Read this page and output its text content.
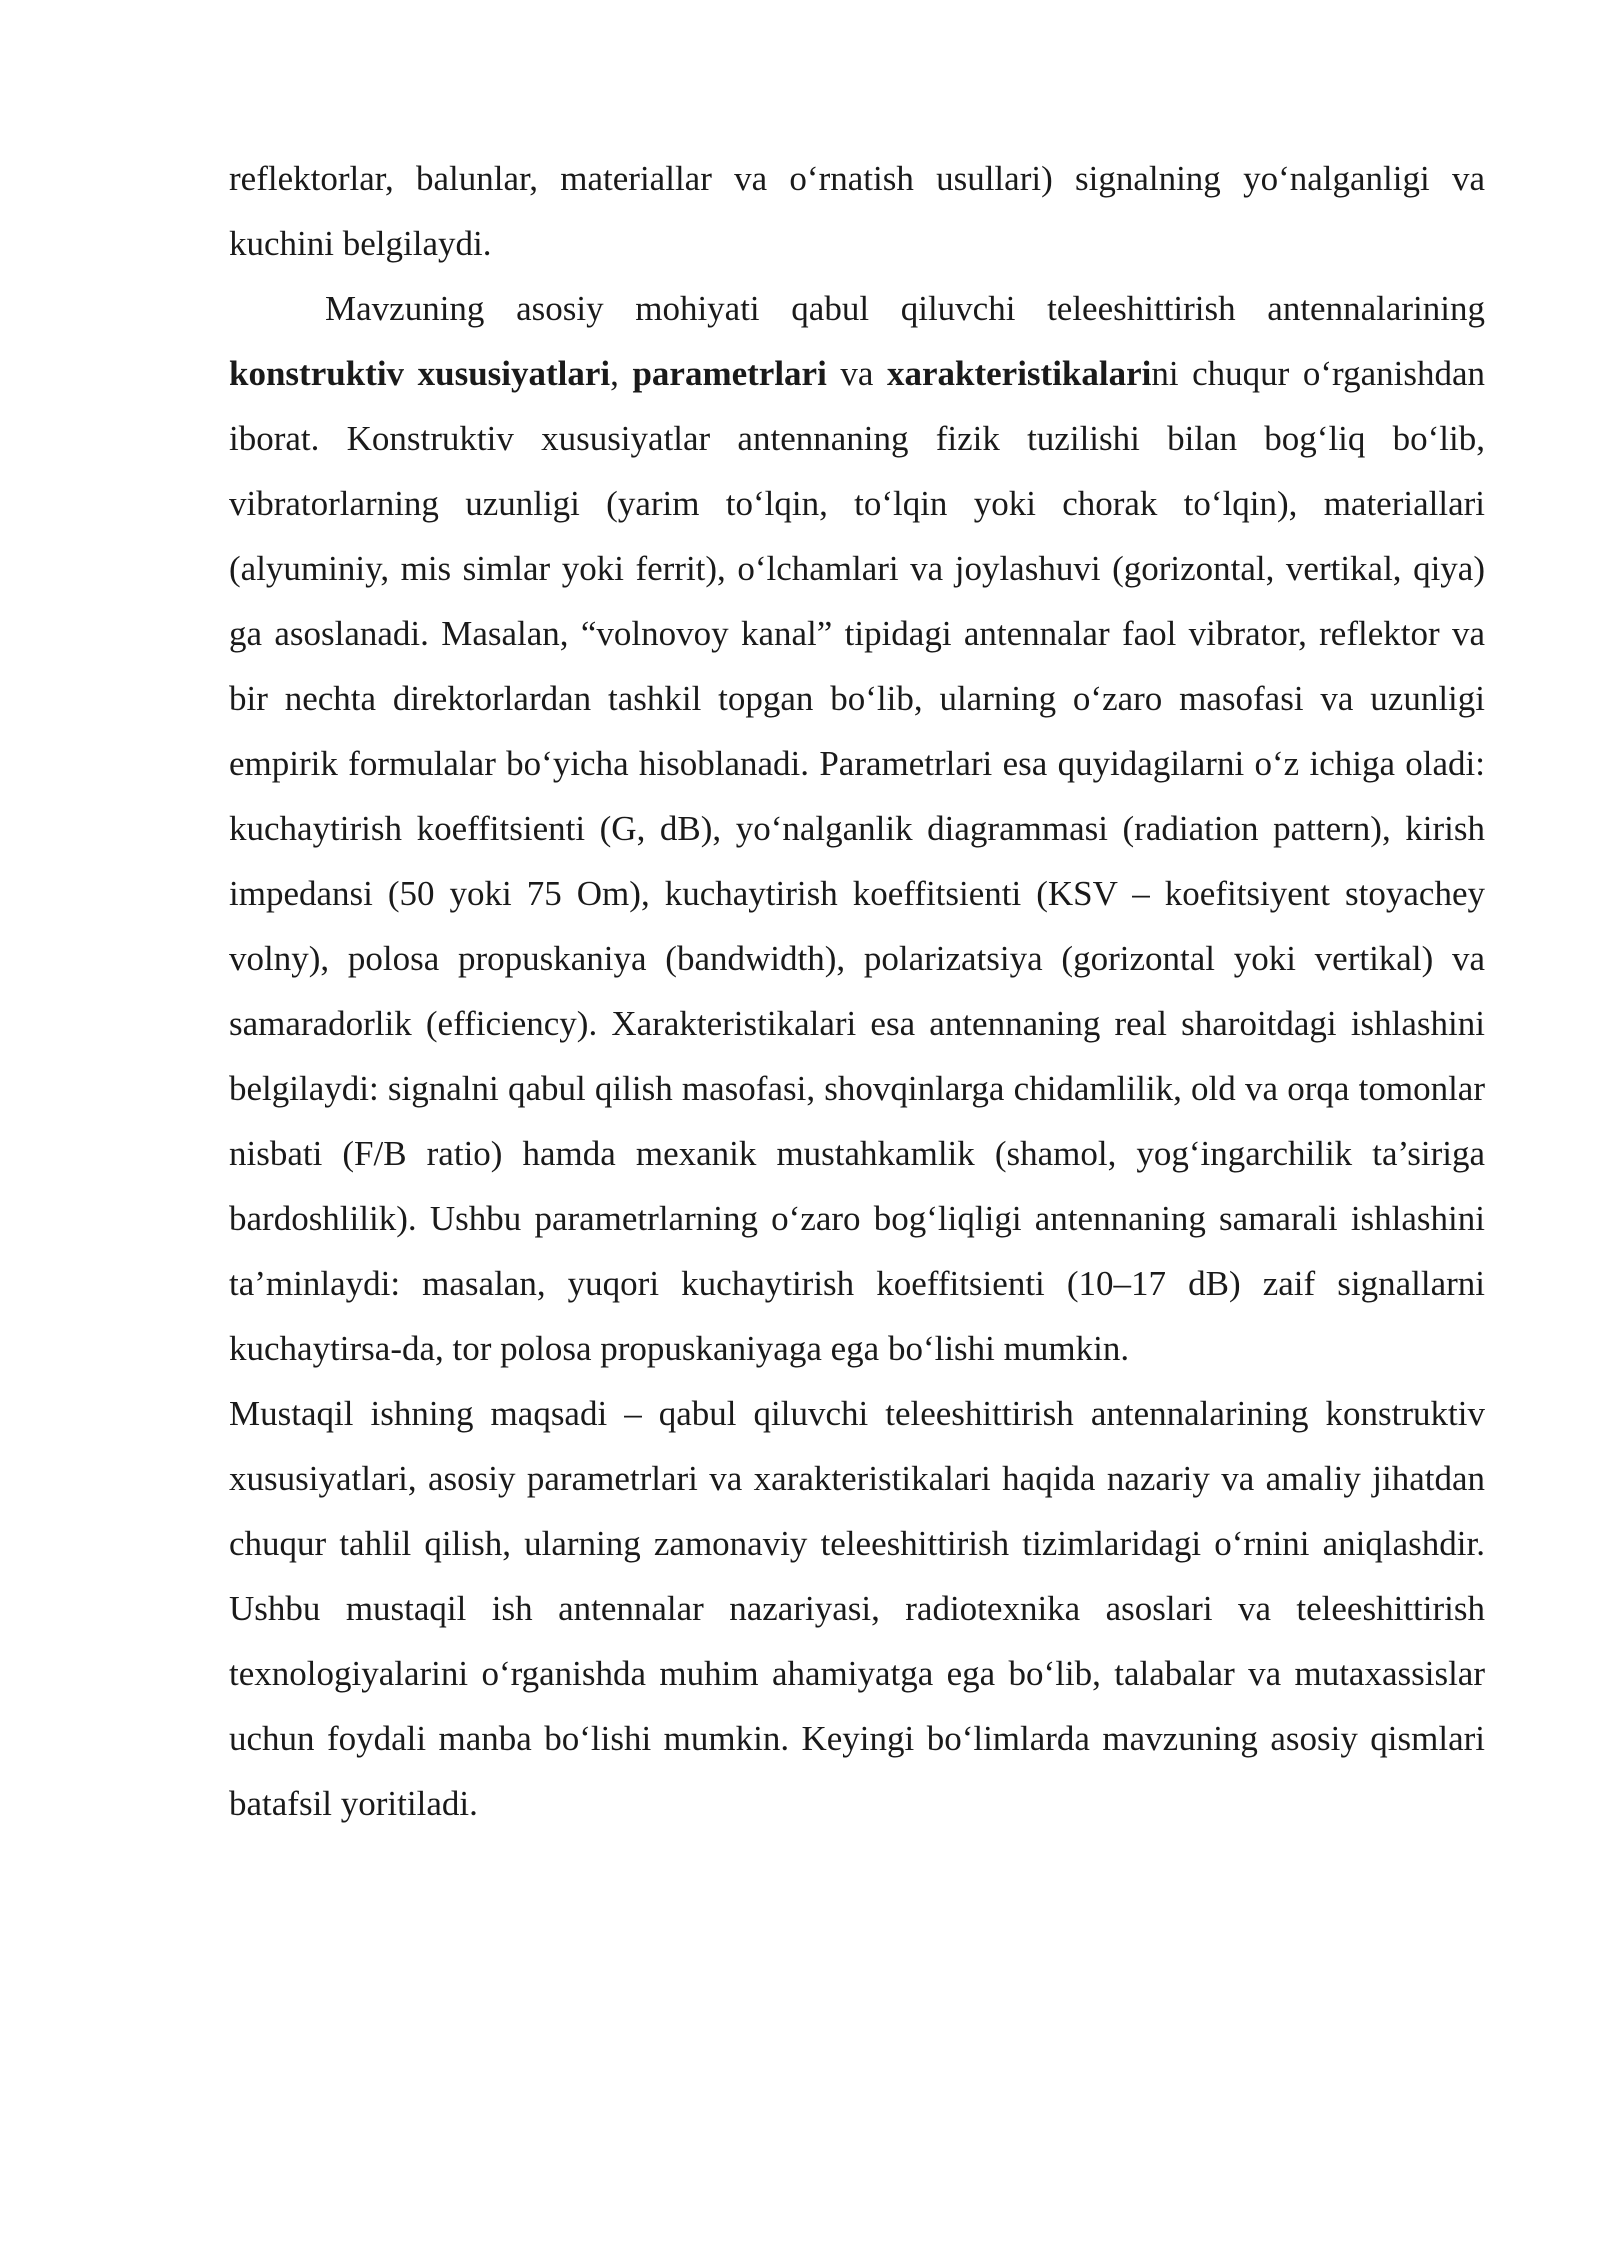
reflektorlar, balunlar, materiallar va o‘rnatish usullari) signalning yo‘nalganligi va kuchini belgilaydi.

Mavzuning asosiy mohiyati qabul qiluvchi teleeshittirish antennalarining konstruktiv xususiyatlari, parametrlari va xarakteristikalarini chuqur o‘rganishdan iborat. Konstruktiv xususiyatlar antennaning fizik tuzilishi bilan bog‘liq bo‘lib, vibratorlarning uzunligi (yarim to‘lqin, to‘lqin yoki chorak to‘lqin), materiallari (alyuminiy, mis simlar yoki ferrit), o‘lchamlari va joylashuvi (gorizontal, vertikal, qiya) ga asoslanadi. Masalan, “volnovoy kanal” tipidagi antennalar faol vibrator, reflektor va bir nechta direktorlardan tashkil topgan bo‘lib, ularning o‘zaro masofasi va uzunligi empirik formulalar bo‘yicha hisoblanadi. Parametrlari esa quyidagilarni o‘z ichiga oladi: kuchaytirish koeffitsienti (G, dB), yo‘nalganlik diagrammasi (radiation pattern), kirish impedansi (50 yoki 75 Om), kuchaytirish koeffitsienti (KSV – koefitsiyent stoyachey volny), polosa propuskaniya (bandwidth), polarizatsiya (gorizontal yoki vertikal) va samaradorlik (efficiency). Xarakteristikalari esa antennaning real sharoitdagi ishlashini belgilaydi: signalni qabul qilish masofasi, shovqinlarga chidamlilik, old va orqa tomonlar nisbati (F/B ratio) hamda mexanik mustahkamlik (shamol, yog‘ingarchilik ta’siriga bardoshlilik). Ushbu parametrlarning o‘zaro bog‘liqligi antennaning samarali ishlashini ta’minlaydi: masalan, yuqori kuchaytirish koeffitsienti (10–17 dB) zaif signallarni kuchaytirsa-da, tor polosa propuskaniyaga ega bo‘lishi mumkin.

Mustaqil ishning maqsadi – qabul qiluvchi teleeshittirish antennalarining konstruktiv xususiyatlari, asosiy parametrlari va xarakteristikalari haqida nazariy va amaliy jihatdan chuqur tahlil qilish, ularning zamonaviy teleeshittirish tizimlaridagi o‘rnini aniqlashdir. Ushbu mustaqil ish antennalar nazariyasi, radiotexnika asoslari va teleeshittirish texnologiyalarini o‘rganishda muhim ahamiyatga ega bo‘lib, talabalar va mutaxassislar uchun foydali manba bo‘lishi mumkin. Keyingi bo‘limlarda mavzuning asosiy qismlari batafsil yoritiladi.
